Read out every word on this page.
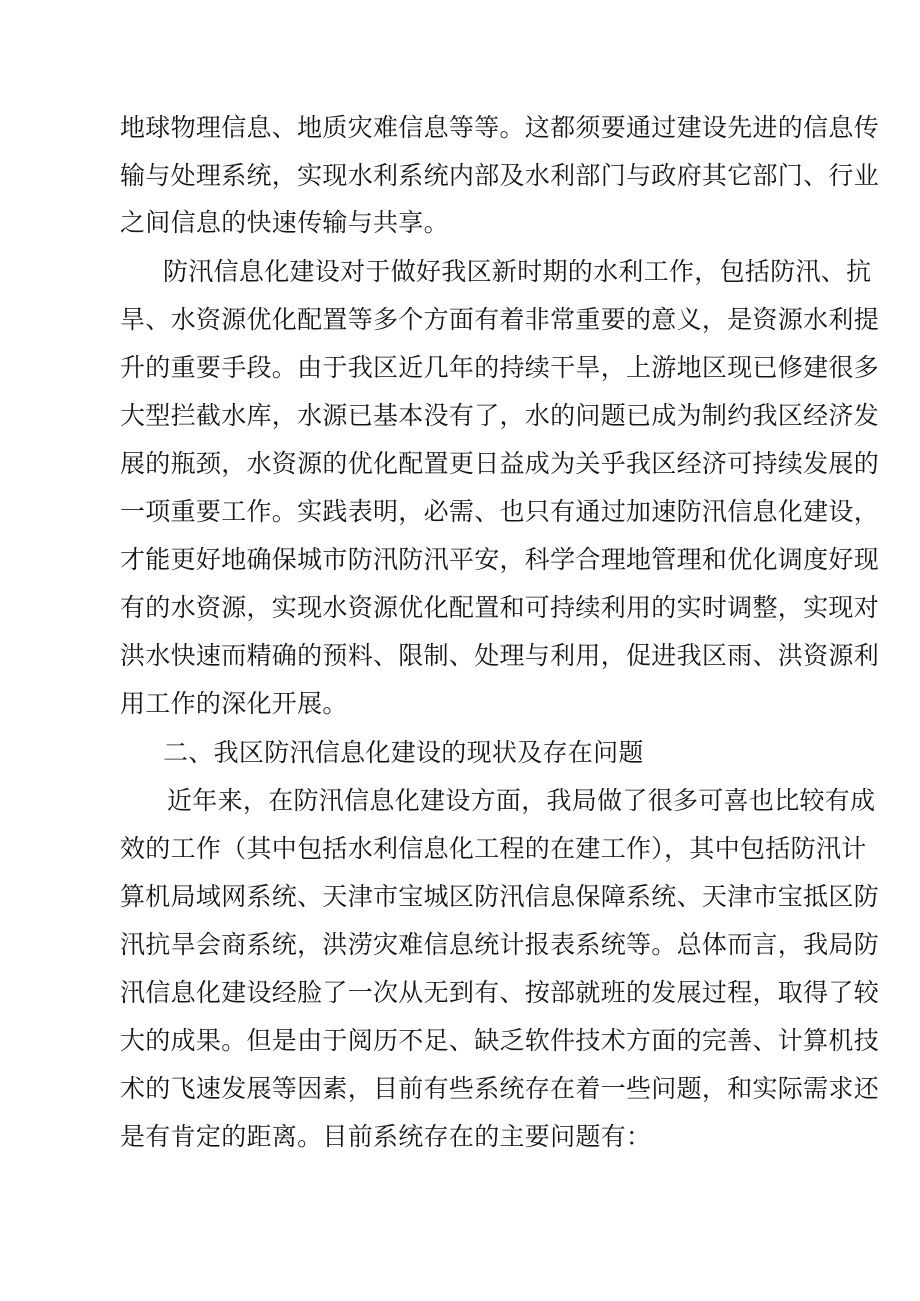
地球物理信息、地质灾难信息等等。这都须要通过建设先进的信息传
输与处理系统，实现水利系统内部及水利部门与政府其它部门、行业
之间信息的快速传输与共享。
防汛信息化建设对于做好我区新时期的水利工作，包括防汛、抗
旱、水资源优化配置等多个方面有着非常重要的意义，是资源水利提
升的重要手段。由于我区近几年的持续干旱，上游地区现已修建很多
大型拦截水库，水源已基本没有了，水的问题已成为制约我区经济发
展的瓶颈，水资源的优化配置更日益成为关乎我区经济可持续发展的
一项重要工作。实践表明，必需、也只有通过加速防汛信息化建设，
才能更好地确保城市防汛防汛平安，科学合理地管理和优化调度好现
有的水资源，实现水资源优化配置和可持续利用的实时调整，实现对
洪水快速而精确的预料、限制、处理与利用，促进我区雨、洪资源利
用工作的深化开展。
二、我区防汛信息化建设的现状及存在问题
近年来，在防汛信息化建设方面，我局做了很多可喜也比较有成
效的工作（其中包括水利信息化工程的在建工作），其中包括防汛计
算机局域网系统、天津市宝城区防汛信息保障系统、天津市宝抵区防
汛抗旱会商系统，洪涝灾难信息统计报表系统等。总体而言，我局防
汛信息化建设经脸了一次从无到有、按部就班的发展过程，取得了较
大的成果。但是由于阅历不足、缺乏软件技术方面的完善、计算机技
术的飞速发展等因素，目前有些系统存在着一些问题，和实际需求还
是有肯定的距离。目前系统存在的主要问题有：
